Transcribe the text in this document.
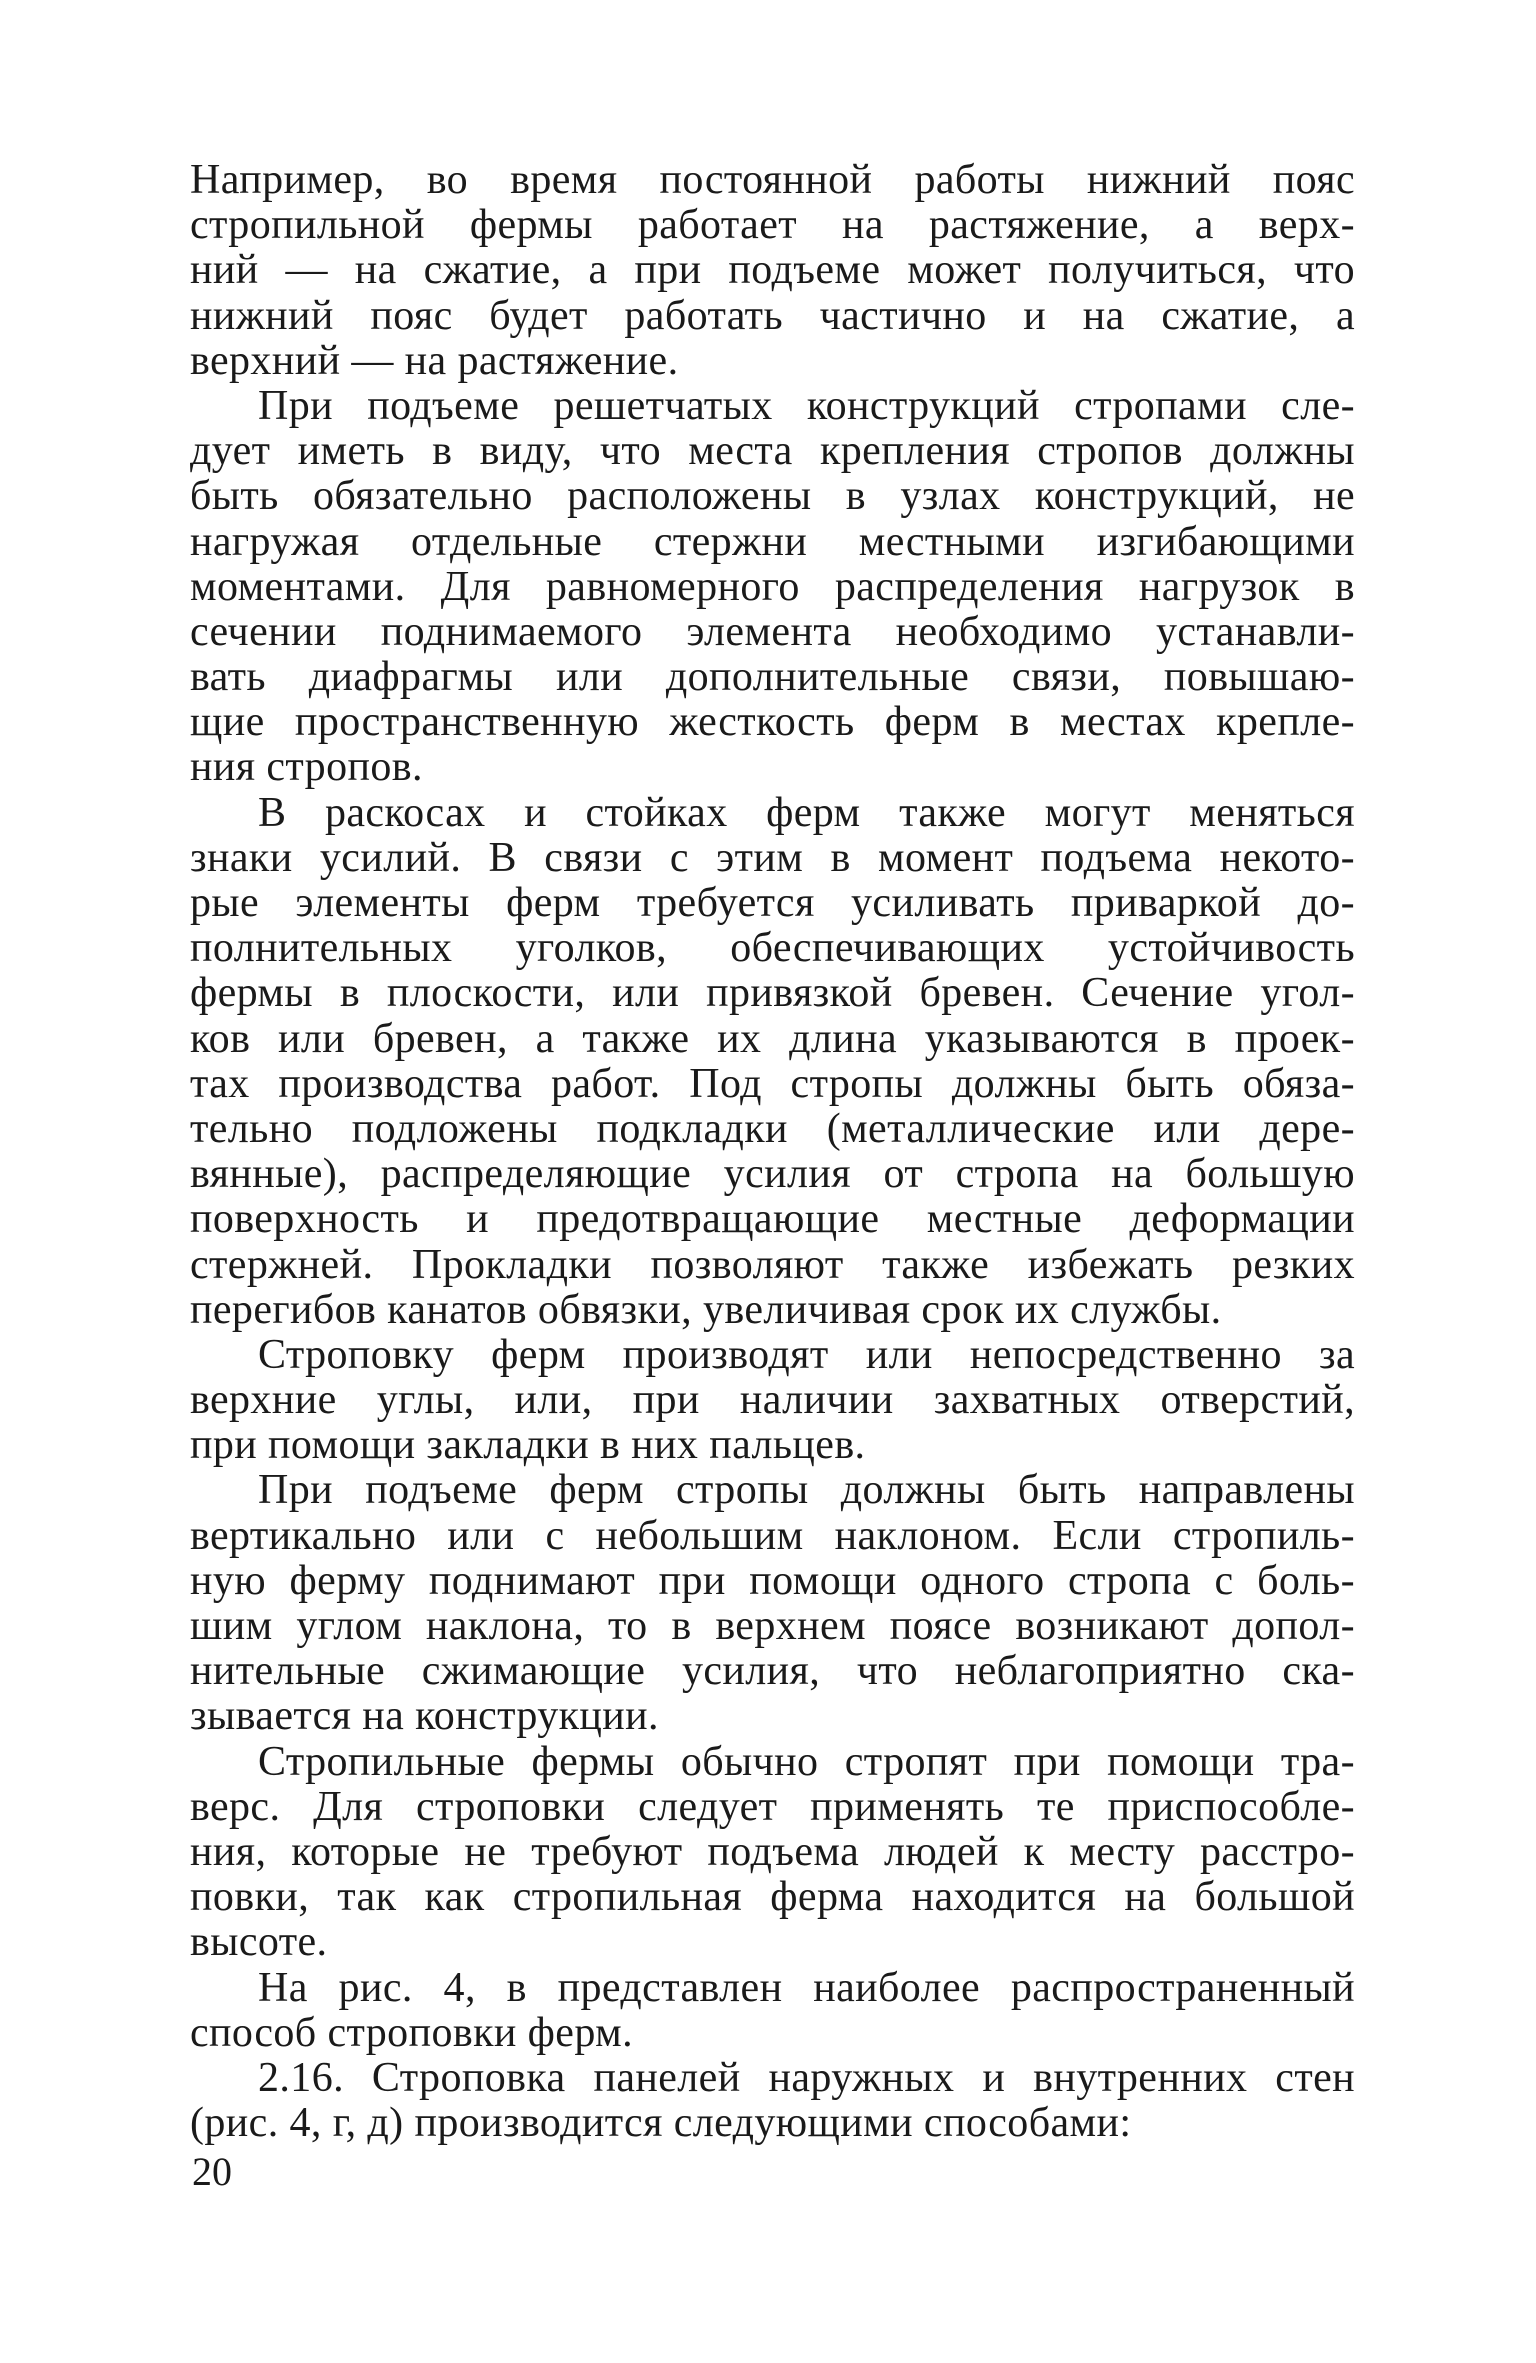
Например, во время постоянной работы нижний пояс
стропильной фермы работает на растяжение, а верх-
ний — на сжатие, а при подъеме может получиться, что
нижний пояс будет работать частично и на сжатие, а
верхний — на растяжение.
При подъеме решетчатых конструкций стропами сле-
дует иметь в виду, что места крепления стропов должны
быть обязательно расположены в узлах конструкций, не
нагружая отдельные стержни местными изгибающими
моментами. Для равномерного распределения нагрузок в
сечении поднимаемого элемента необходимо устанавли-
вать диафрагмы или дополнительные связи, повышаю-
щие пространственную жесткость ферм в местах крепле-
ния стропов.
В раскосах и стойках ферм также могут меняться
знаки усилий. В связи с этим в момент подъема некото-
рые элементы ферм требуется усиливать приваркой до-
полнительных уголков, обеспечивающих устойчивость
фермы в плоскости, или привязкой бревен. Сечение угол-
ков или бревен, а также их длина указываются в проек-
тах производства работ. Под стропы должны быть обяза-
тельно подложены подкладки (металлические или дере-
вянные), распределяющие усилия от стропа на большую
поверхность и предотвращающие местные деформации
стержней. Прокладки позволяют также избежать резких
перегибов канатов обвязки, увеличивая срок их службы.
Строповку ферм производят или непосредственно за
верхние углы, или, при наличии захватных отверстий,
при помощи закладки в них пальцев.
При подъеме ферм стропы должны быть направлены
вертикально или с небольшим наклоном. Если стропиль-
ную ферму поднимают при помощи одного стропа с боль-
шим углом наклона, то в верхнем поясе возникают допол-
нительные сжимающие усилия, что неблагоприятно ска-
зывается на конструкции.
Стропильные фермы обычно стропят при помощи тра-
верс. Для строповки следует применять те приспособле-
ния, которые не требуют подъема людей к месту расстро-
повки, так как стропильная ферма находится на большой
высоте.
На рис. 4, в представлен наиболее распространенный
способ строповки ферм.
2.16. Строповка панелей наружных и внутренних стен
(рис. 4, г, д) производится следующими способами:
20
